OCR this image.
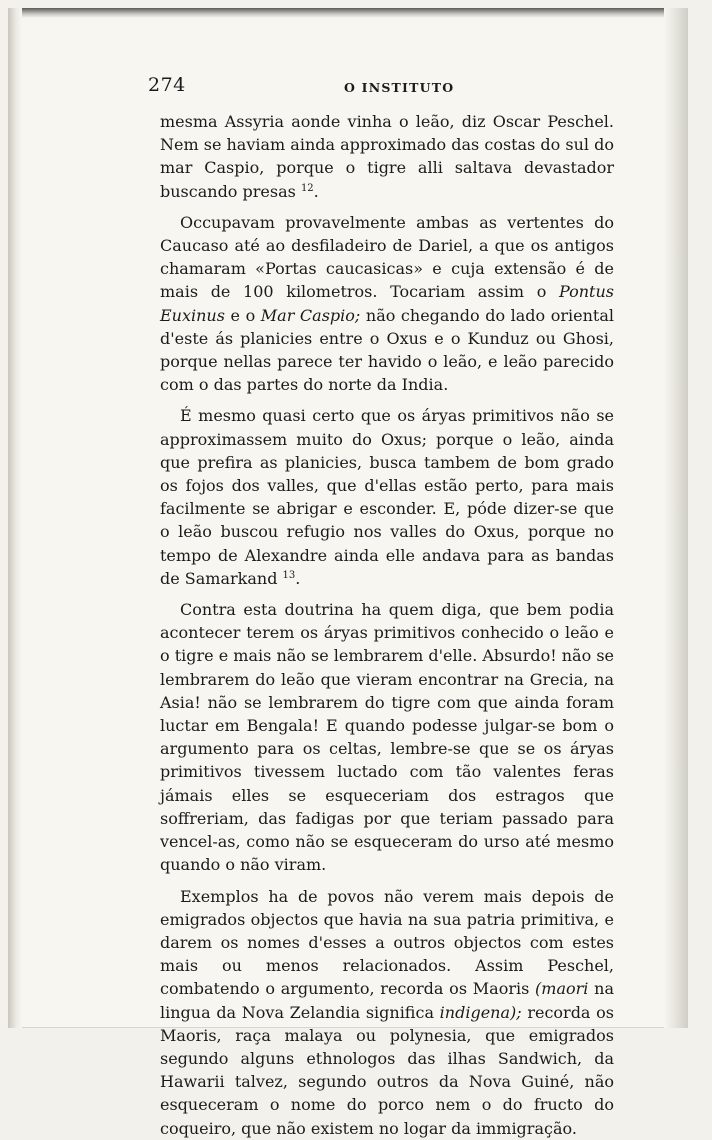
274	O INSTITUTO

mesma Assyria aonde vinha o leão, diz Oscar Peschel. Nem se haviam ainda approximado das costas do sul do mar Caspio, porque o tigre alli saltava devastador buscando presas $^{12}$.

Occupavam provavelmente ambas as vertentes do Caucaso até ao desfiladeiro de Dariel, a que os antigos chamaram «Portas caucasicas» e cuja extensão é de mais de 100 kilometros. Tocariam assim o Pontus Euxinus e o Mar Caspio; não chegando do lado oriental d'este ás planicies entre o Oxus e o Kunduz ou Ghosi, porque nellas parece ter havido o leão, e leão parecido com o das partes do norte da India.

É mesmo quasi certo que os áryas primitivos não se approximassem muito do Oxus; porque o leão, ainda que prefira as planicies, busca tambem de bom grado os fojos dos valles, que d'ellas estão perto, para mais facilmente se abrigar e esconder. E, póde dizer-se que o leão buscou refugio nos valles do Oxus, porque no tempo de Alexandre ainda elle andava para as bandas de Samarkand $^{13}$.

Contra esta doutrina ha quem diga, que bem podia acontecer terem os áryas primitivos conhecido o leão e o tigre e mais não se lembrarem d'elle. Absurdo! não se lembrarem do leão que vieram encontrar na Grecia, na Asia! não se lembrarem do tigre com que ainda foram luctar em Bengala! E quando podesse julgar-se bom o argumento para os celtas, lembre-se que se os áryas primitivos tivessem luctado com tão valentes feras jámais elles se esqueceriam dos estragos que soffreriam, das fadigas por que teriam passado para vencel-as, como não se esqueceram do urso até mesmo quando o não viram.

Exemplos ha de povos não verem mais depois de emigrados objectos que havia na sua patria primitiva, e darem os nomes d'esses a outros objectos com estes mais ou menos relacionados. Assim Peschel, combatendo o argumento, recorda os Maoris (maori na lingua da Nova Zelandia significa indigena); recorda os Maoris, raça malaya ou polynesia, que emigrados segundo alguns ethnologos das ilhas Sandwich, da Hawarii talvez, segundo outros da Nova Guiné, não esqueceram o nome do porco nem o do fructo do coqueiro, que não existem no logar da immigração.
